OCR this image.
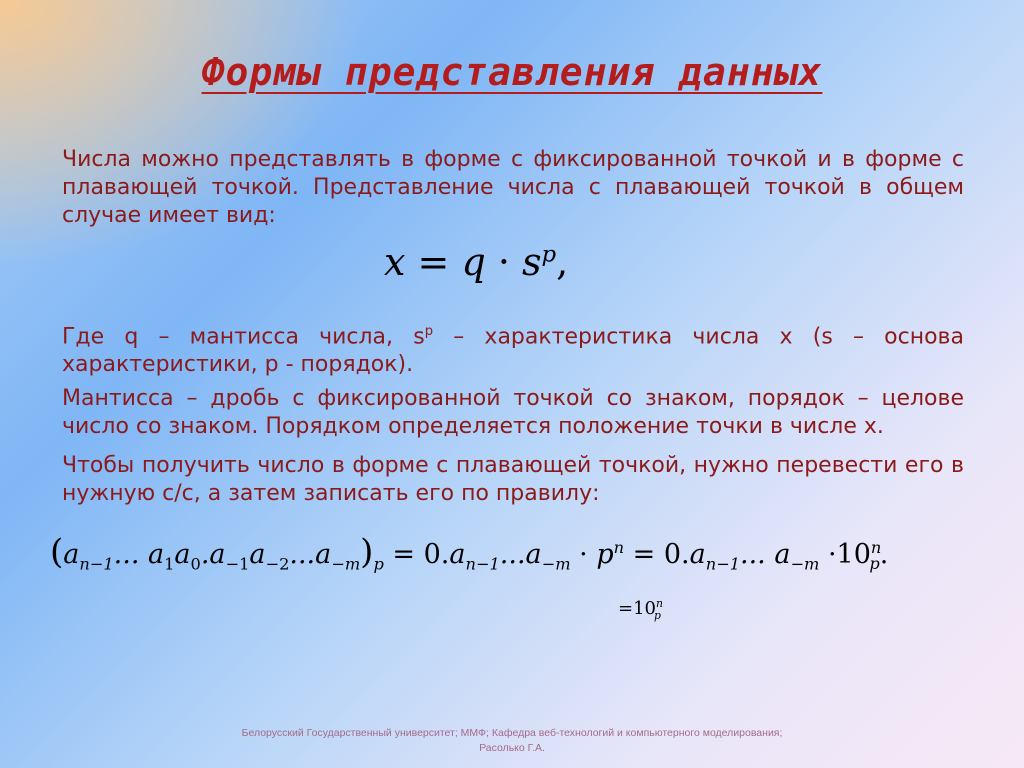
Формы представления данных
Числа можно представлять в форме с фиксированной точкой и в форме с плавающей точкой. Представление числа с плавающей точкой в общем случае имеет вид:
$x = q \cdot s^p$,
Где q – мантисса числа, $s^p$ – характеристика числа x (s – основа характеристики, p - порядок).
Мантисса – дробь с фиксированной точкой со знаком, порядок – целове число со знаком. Порядком определяется положение точки в числе x.
Чтобы получить число в форме с плавающей точкой, нужно перевести его в нужную с/с, а затем записать его по правилу:
($a_{n-1}$... $a_1a_0.a_{-1}a_{-2}...a_{-m})_p = 0.a_{n-1}...a_{-m} \cdot p^n = 0.a_{n-1}$... $a_{-m} \cdot 10^n_p$.
$=10^n_p$
Белорусский Государственный университет; ММФ; Кафедра веб-технологий и компьютерного моделирования;
Расолько Г.А.
